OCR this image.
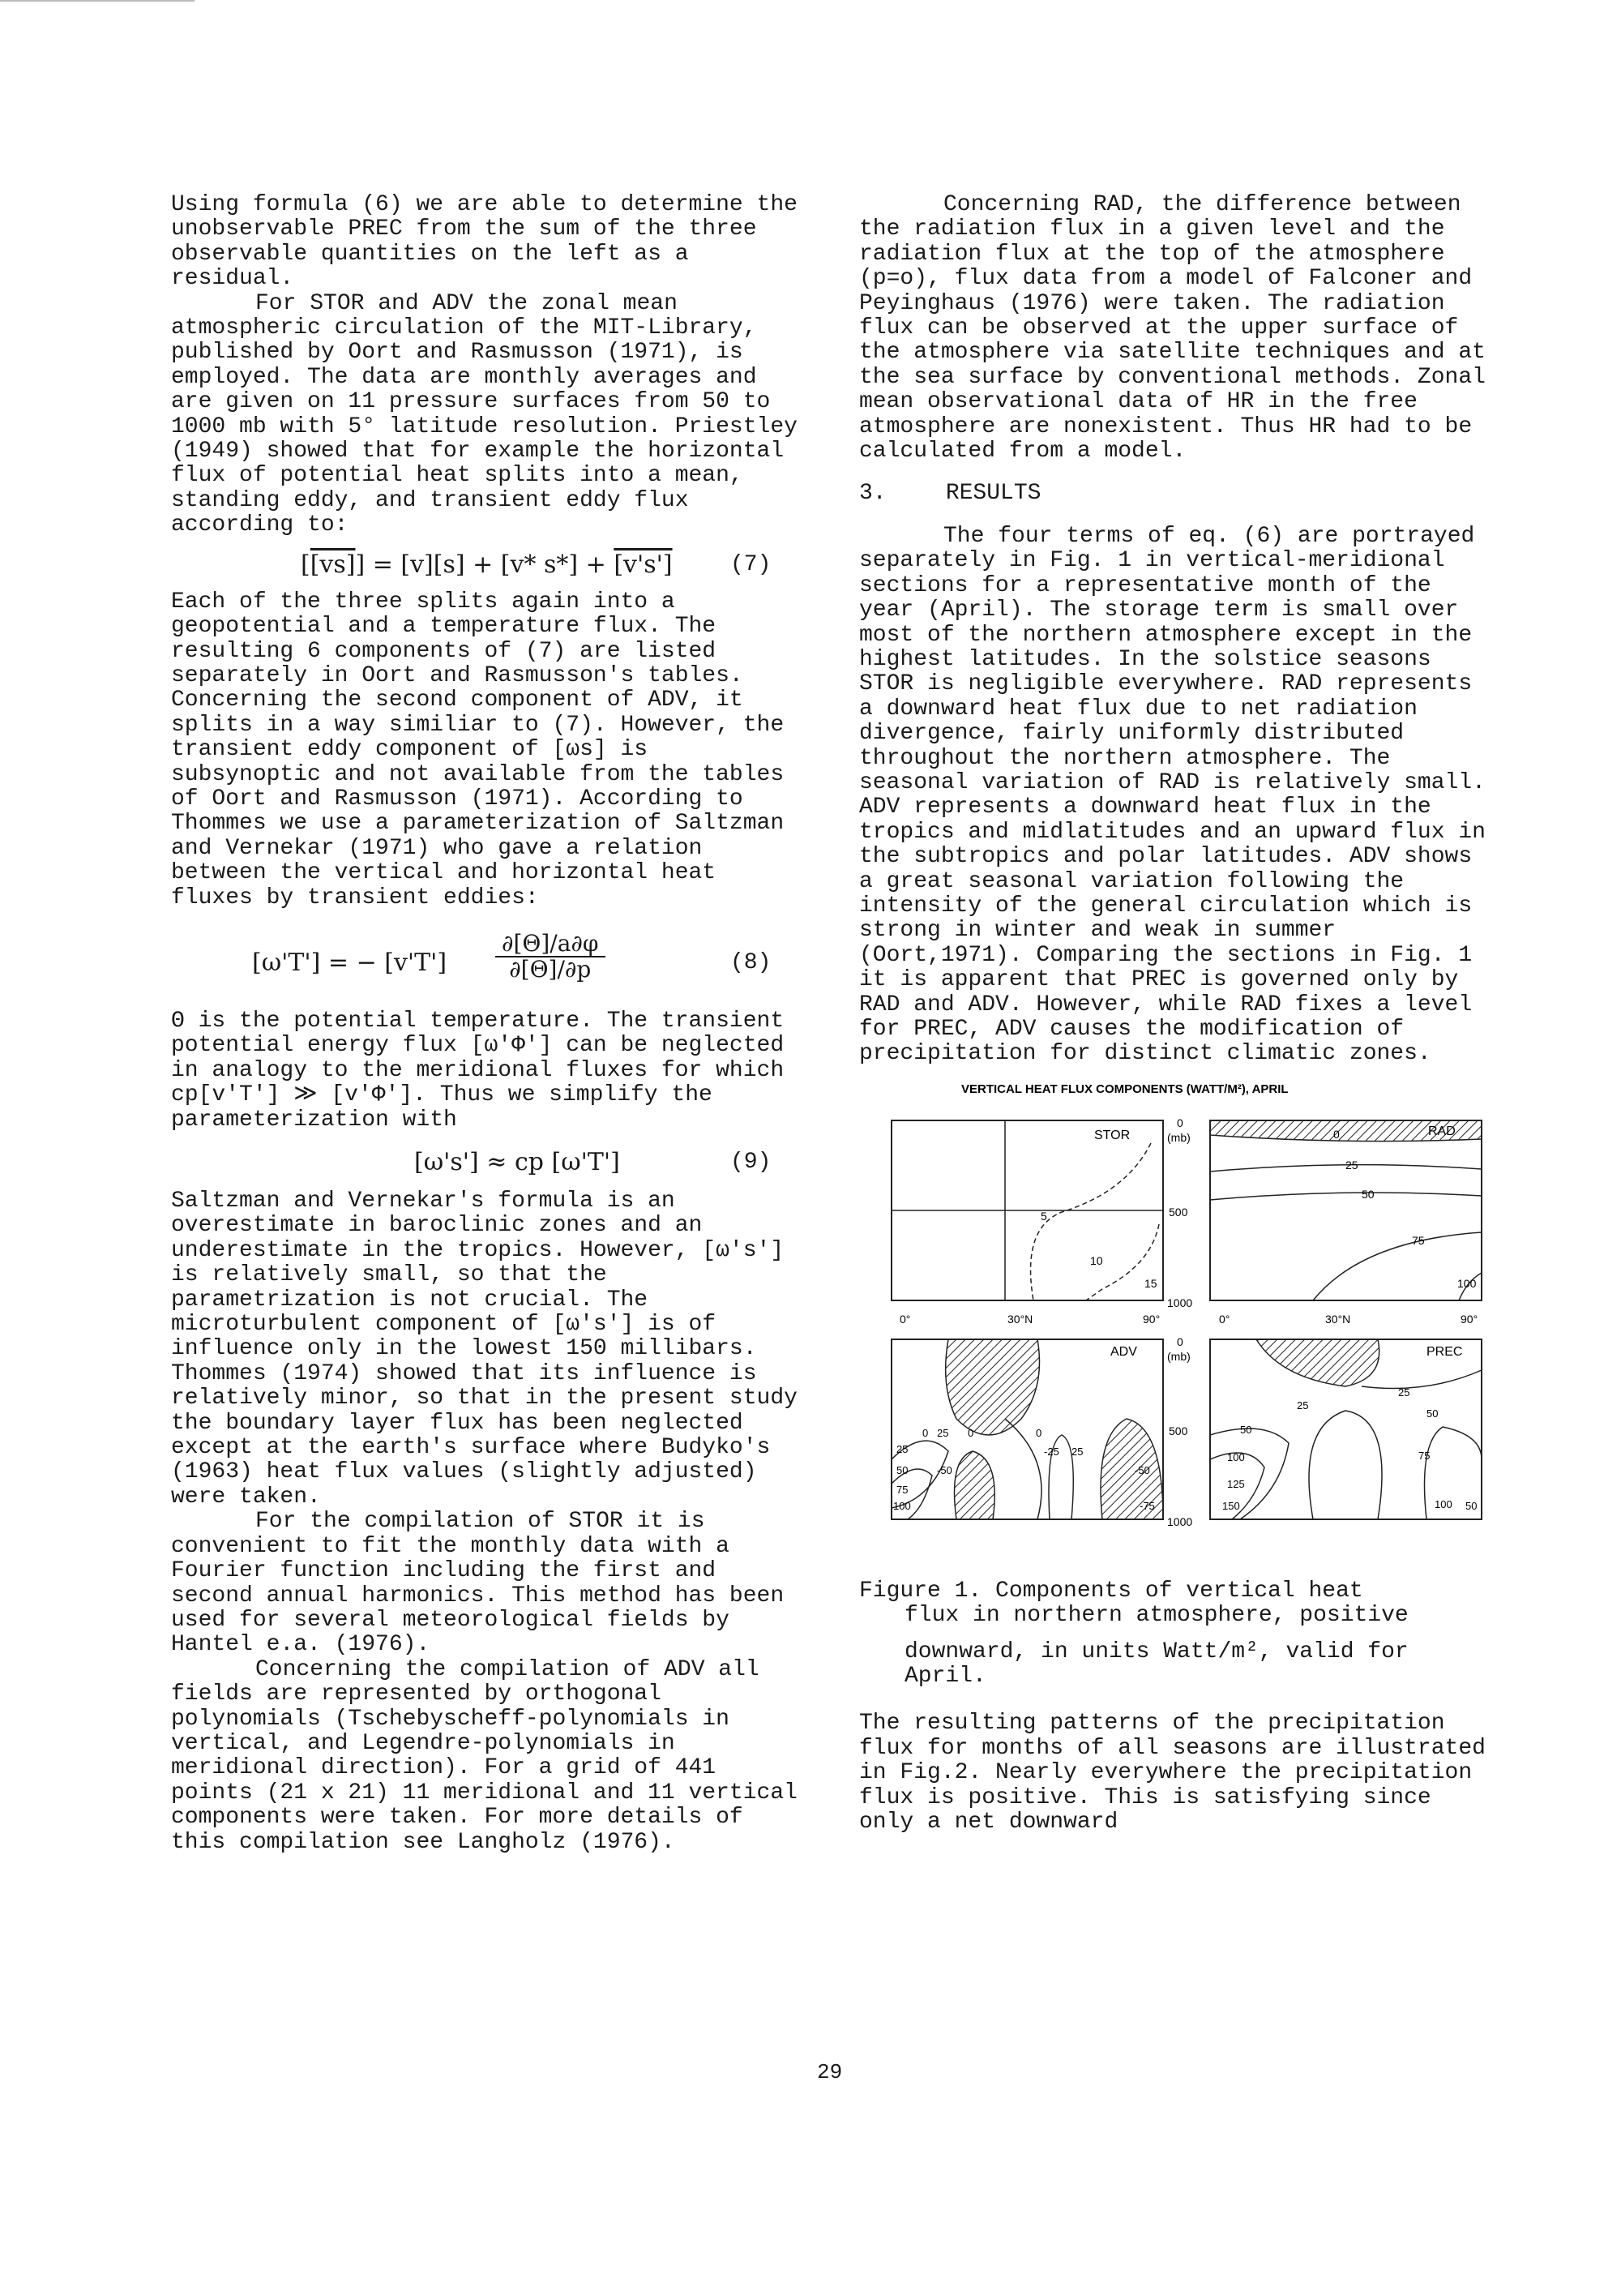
Using formula (6) we are able to determine the unobservable PREC from the sum of the three observable quantities on the left as a residual.

For STOR and ADV the zonal mean atmospheric circulation of the MIT-Library, published by Oort and Rasmusson (1971), is employed. The data are monthly averages and are given on 11 pressure surfaces from 50 to 1000 mb with 5° latitude resolution. Priestley (1949) showed that for example the horizontal flux of potential heat splits into a mean, standing eddy, and transient eddy flux according to:

[[vs]] = [v][s] + [v* s*] + [v's']	(7)

Each of the three splits again into a geopotential and a temperature flux. The resulting 6 components of (7) are listed separately in Oort and Rasmusson's tables. Concerning the second component of ADV, it splits in a way similiar to (7). However, the transient eddy component of [ωs] is subsynoptic and not available from the tables of Oort and Rasmusson (1971). According to Thommes we use a parameterization of Saltzman and Vernekar (1971) who gave a relation between the vertical and horizontal heat fluxes by transient eddies:

[ω'T'] = − $[v'T'] \frac{\partial[\Theta]/a\partial\varphi}{\partial[\Theta]/\partial p}$	(8)

Θ is the potential temperature. The transient potential energy flux [ω'Φ'] can be neglected in analogy to the meridional fluxes for which cp[v'T'] ≫ [v'Φ']. Thus we simplify the parameterization with

[ω's'] ≈ cp [ω'T']	(9)

Saltzman and Vernekar's formula is an overestimate in baroclinic zones and an underestimate in the tropics. However, [ω's'] is relatively small, so that the parametrization is not crucial. The microturbulent component of [ω's'] is of influence only in the lowest 150 millibars. Thommes (1974) showed that its influence is relatively minor, so that in the present study the boundary layer flux has been neglected except at the earth's surface where Budyko's (1963) heat flux values (slightly adjusted) were taken.

For the compilation of STOR it is convenient to fit the monthly data with a Fourier function including the first and second annual harmonics. This method has been used for several meteorological fields by Hantel e.a. (1976).

Concerning the compilation of ADV all fields are represented by orthogonal polynomials (Tschebyscheff-polynomials in vertical, and Legendre-polynomials in meridional direction). For a grid of 441 points (21 x 21) 11 meridional and 11 vertical components were taken. For more details of this compilation see Langholz (1976).

Concerning RAD, the difference between the radiation flux in a given level and the radiation flux at the top of the atmosphere (p=o), flux data from a model of Falconer and Peyinghaus (1976) were taken. The radiation flux can be observed at the upper surface of the atmosphere via satellite techniques and at the sea surface by conventional methods. Zonal mean observational data of HR in the free atmosphere are nonexistent. Thus HR had to be calculated from a model.

3.	RESULTS

The four terms of eq. (6) are portrayed separately in Fig. 1 in vertical-meridional sections for a representative month of the year (April). The storage term is small over most of the northern atmosphere except in the highest latitudes. In the solstice seasons STOR is negligible everywhere. RAD represents a downward heat flux due to net radiation divergence, fairly uniformly distributed throughout the northern atmosphere. The seasonal variation of RAD is relatively small. ADV represents a downward heat flux in the tropics and midlatitudes and an upward flux in the subtropics and polar latitudes. ADV shows a great seasonal variation following the intensity of the general circulation which is strong in winter and weak in summer (Oort,1971). Comparing the sections in Fig. 1 it is apparent that PREC is governed only by RAD and ADV. However, while RAD fixes a level for PREC, ADV causes the modification of precipitation for distinct climatic zones.

VERTICAL HEAT FLUX COMPONENTS (WATT/M²), APRIL
STOR
5
10
15
RAD
0
25
50
75
100
0
(mb)
500
1000
0°	30°N	90°	0°	30°N	90°
ADV
0 25 0	0
25	-25 25
50	-50
75
100
-50
-75
PREC
25
25
50
50
75
100
125
150	100 50
0
(mb)
500
1000
Figure 1. Components of vertical heat
flux in northern atmosphere, positive
downward, in units Watt/m², valid for
April.

The resulting patterns of the precipitation flux for months of all seasons are illustrated in Fig.2. Nearly everywhere the precipitation flux is positive. This is satisfying since only a net downward

29
